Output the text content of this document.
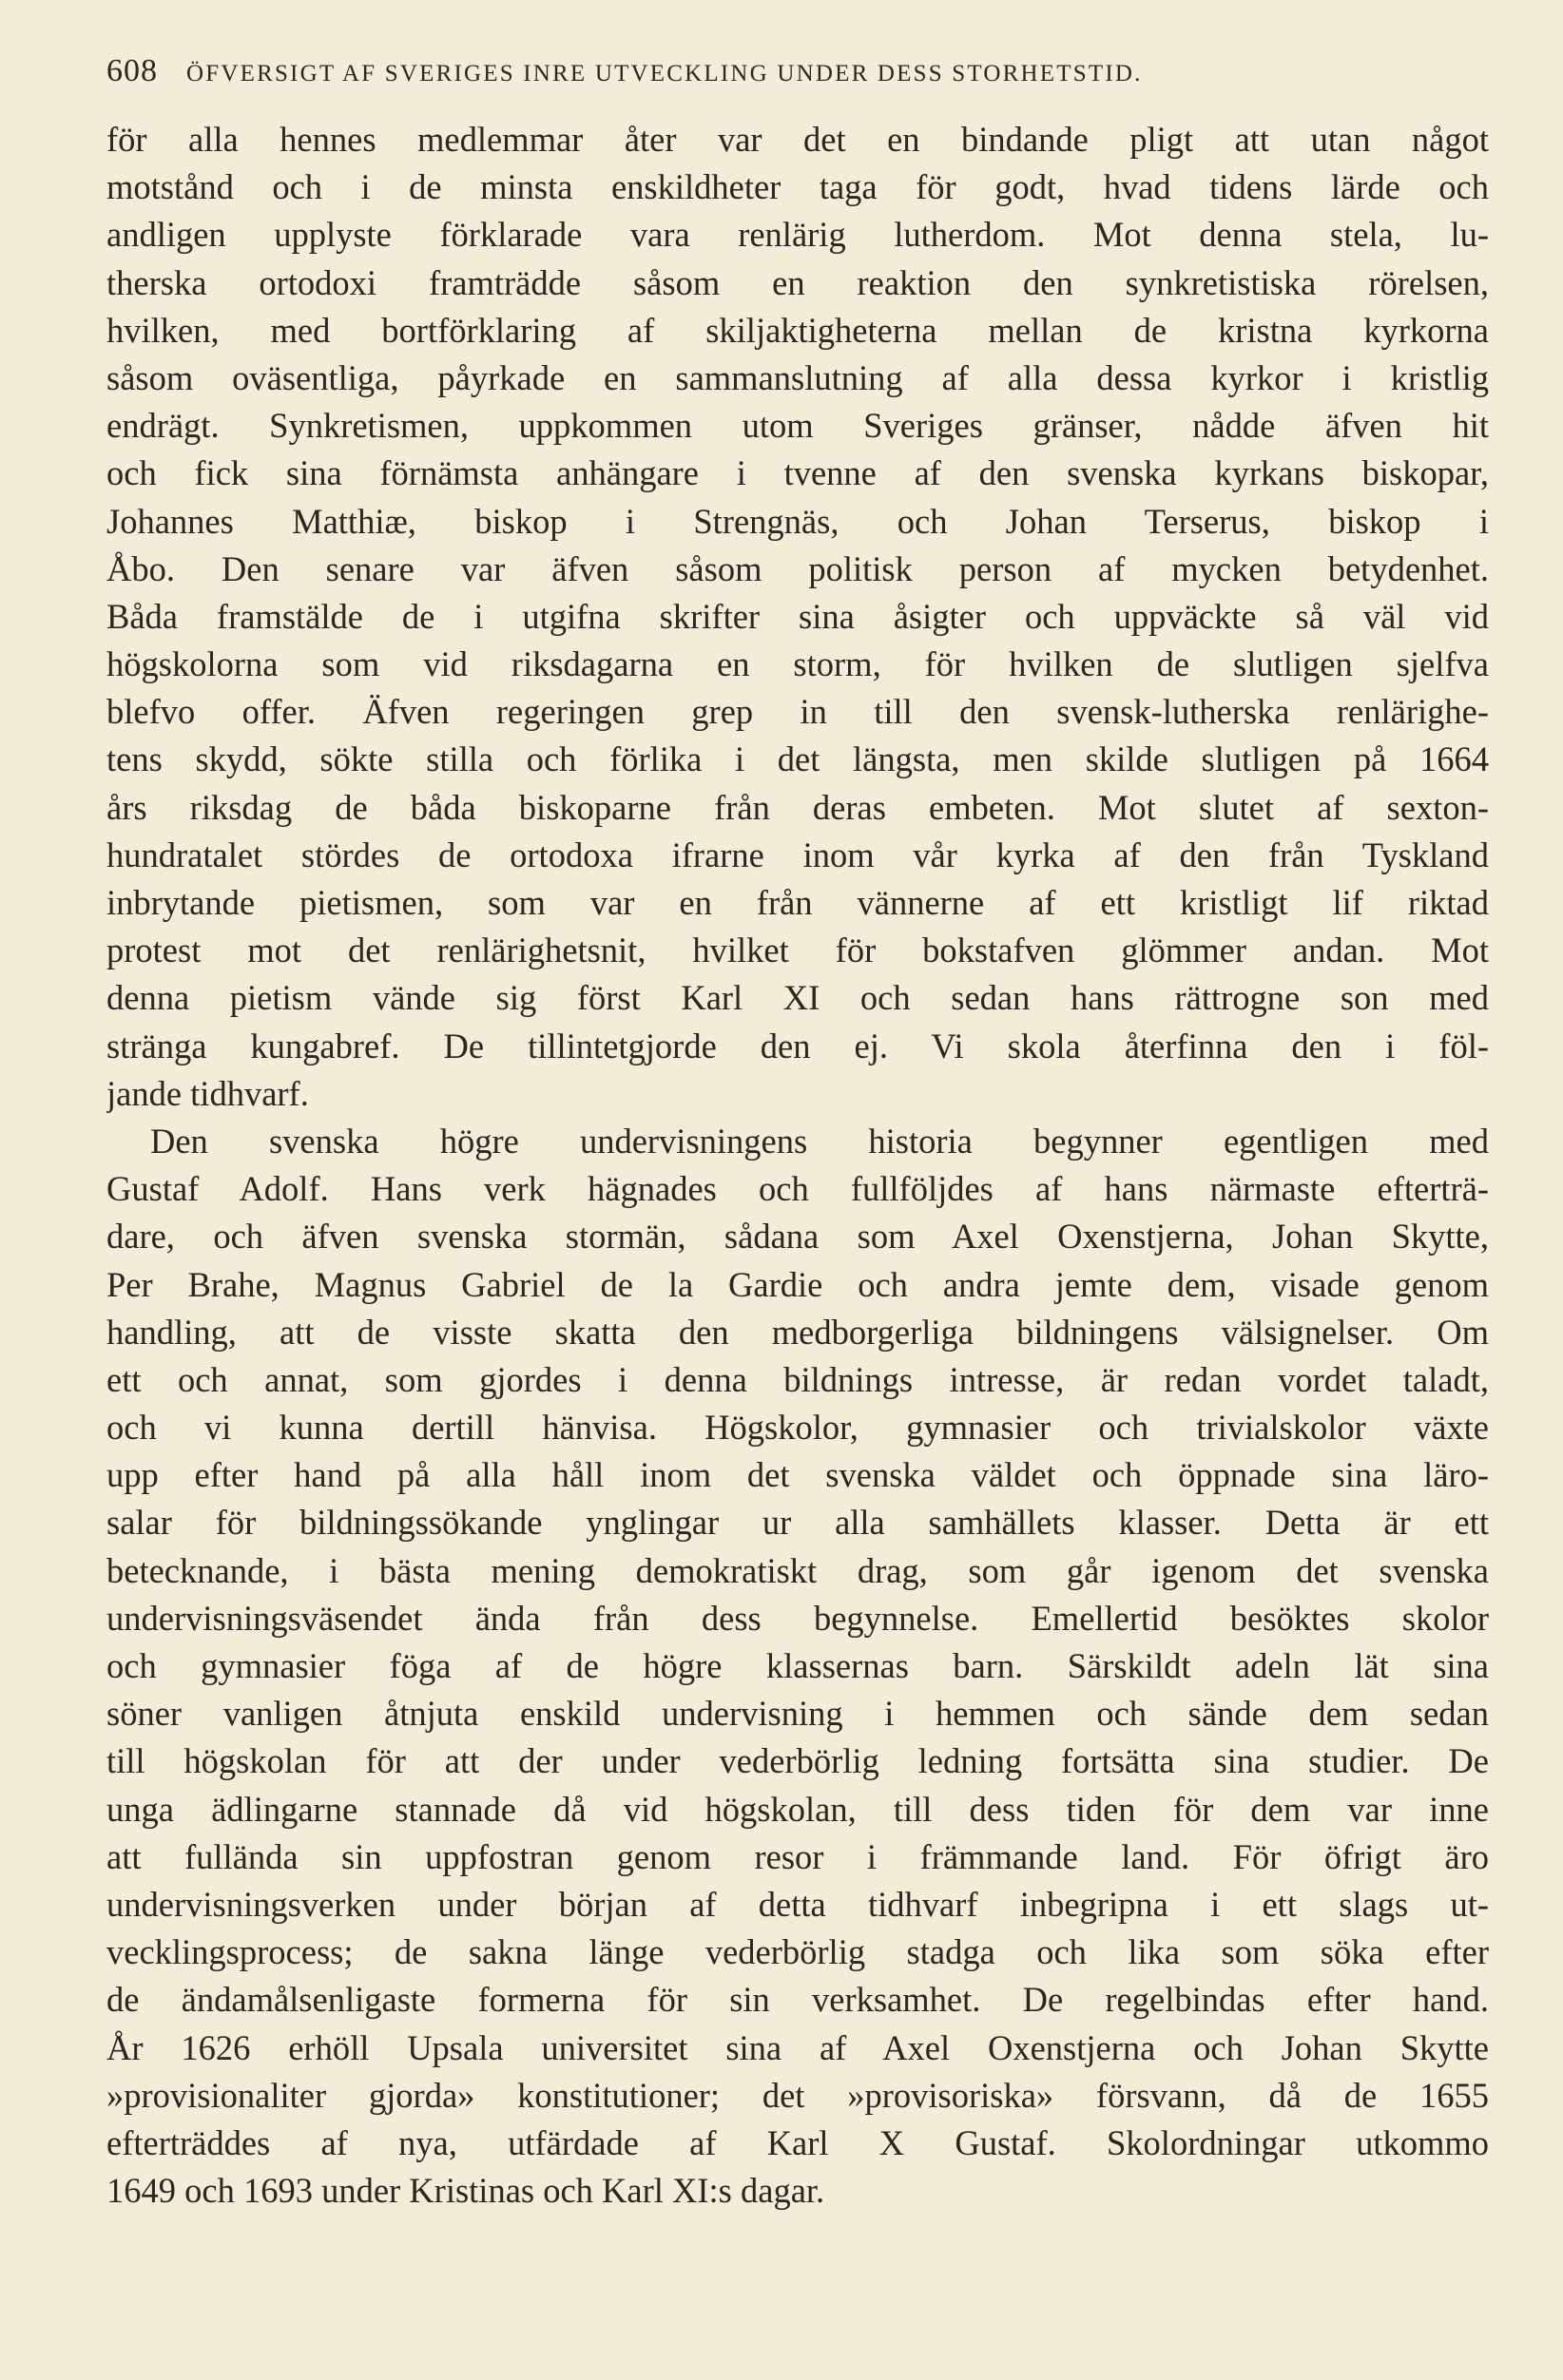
608 ÖFVERSIGT AF SVERIGES INRE UTVECKLING UNDER DESS STORHETSTID.
för alla hennes medlemmar åter var det en bindande pligt att utan något
motstånd och i de minsta enskildheter taga för godt, hvad tidens lärde och
andligen upplyste förklarade vara renlärig lutherdom. Mot denna stela, lu-
therska ortodoxi framträdde såsom en reaktion den synkretistiska rörelsen,
hvilken, med bortförklaring af skiljaktigheterna mellan de kristna kyrkorna
såsom oväsentliga, påyrkade en sammanslutning af alla dessa kyrkor i kristlig
endrägt. Synkretismen, uppkommen utom Sveriges gränser, nådde äfven hit
och fick sina förnämsta anhängare i tvenne af den svenska kyrkans biskopar,
Johannes Matthiæ, biskop i Strengnäs, och Johan Terserus, biskop i
Åbo. Den senare var äfven såsom politisk person af mycken betydenhet.
Båda framstälde de i utgifna skrifter sina åsigter och uppväckte så väl vid
högskolorna som vid riksdagarna en storm, för hvilken de slutligen sjelfva
blefvo offer. Äfven regeringen grep in till den svensk-lutherska renlärighe-
tens skydd, sökte stilla och förlika i det längsta, men skilde slutligen på 1664
års riksdag de båda biskoparne från deras embeten. Mot slutet af sexton-
hundratalet stördes de ortodoxa ifrarne inom vår kyrka af den från Tyskland
inbrytande pietismen, som var en från vännerne af ett kristligt lif riktad
protest mot det renlärighetsnit, hvilket för bokstafven glömmer andan. Mot
denna pietism vände sig först Karl XI och sedan hans rättrogne son med
stränga kungabref. De tillintetgjorde den ej. Vi skola återfinna den i föl-
jande tidhvarf.
Den svenska högre undervisningens historia begynner egentligen med
Gustaf Adolf. Hans verk hägnades och fullföljdes af hans närmaste efterträ-
dare, och äfven svenska stormän, sådana som Axel Oxenstjerna, Johan Skytte,
Per Brahe, Magnus Gabriel de la Gardie och andra jemte dem, visade genom
handling, att de visste skatta den medborgerliga bildningens välsignelser. Om
ett och annat, som gjordes i denna bildnings intresse, är redan vordet taladt,
och vi kunna dertill hänvisa. Högskolor, gymnasier och trivialskolor växte
upp efter hand på alla håll inom det svenska väldet och öppnade sina läro-
salar för bildningssökande ynglingar ur alla samhällets klasser. Detta är ett
betecknande, i bästa mening demokratiskt drag, som går igenom det svenska
undervisningsväsendet ända från dess begynnelse. Emellertid besöktes skolor
och gymnasier föga af de högre klassernas barn. Särskildt adeln lät sina
söner vanligen åtnjuta enskild undervisning i hemmen och sände dem sedan
till högskolan för att der under vederbörlig ledning fortsätta sina studier. De
unga ädlingarne stannade då vid högskolan, till dess tiden för dem var inne
att fullända sin uppfostran genom resor i främmande land. För öfrigt äro
undervisningsverken under början af detta tidhvarf inbegripna i ett slags ut-
vecklingsprocess; de sakna länge vederbörlig stadga och lika som söka efter
de ändamålsenligaste formerna för sin verksamhet. De regelbindas efter hand.
År 1626 erhöll Upsala universitet sina af Axel Oxenstjerna och Johan Skytte
»provisionaliter gjorda» konstitutioner; det »provisoriska» försvann, då de 1655
efterträddes af nya, utfärdade af Karl X Gustaf. Skolordningar utkommo
1649 och 1693 under Kristinas och Karl XI:s dagar.
